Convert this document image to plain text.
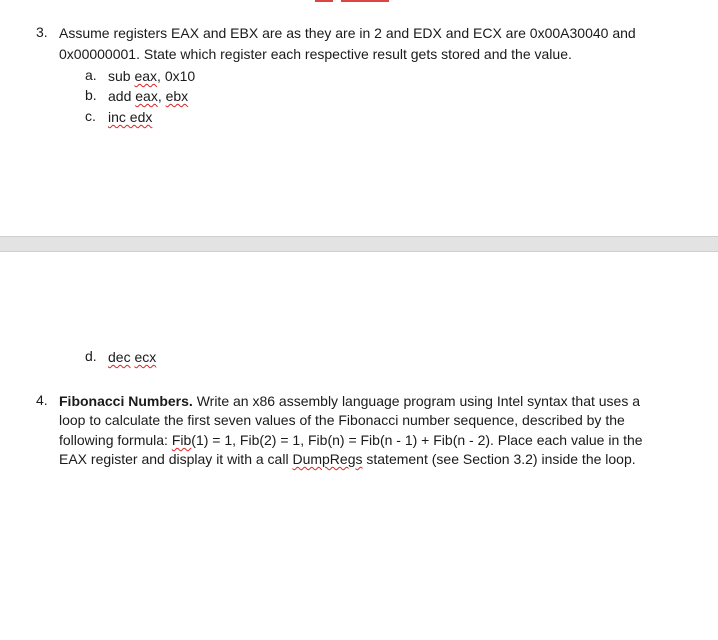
3. Assume registers EAX and EBX are as they are in 2 and EDX and ECX are 0x00A30040 and
0x00000001. State which register each respective result gets stored and the value.
a. sub eax, 0x10
b. add eax, ebx
c. inc edx
d. dec ecx
4. Fibonacci Numbers. Write an x86 assembly language program using Intel syntax that uses a
loop to calculate the first seven values of the Fibonacci number sequence, described by the
following formula: Fib(1) = 1, Fib(2) = 1, Fib(n) = Fib(n - 1) + Fib(n - 2). Place each value in the
EAX register and display it with a call DumpRegs statement (see Section 3.2) inside the loop.
